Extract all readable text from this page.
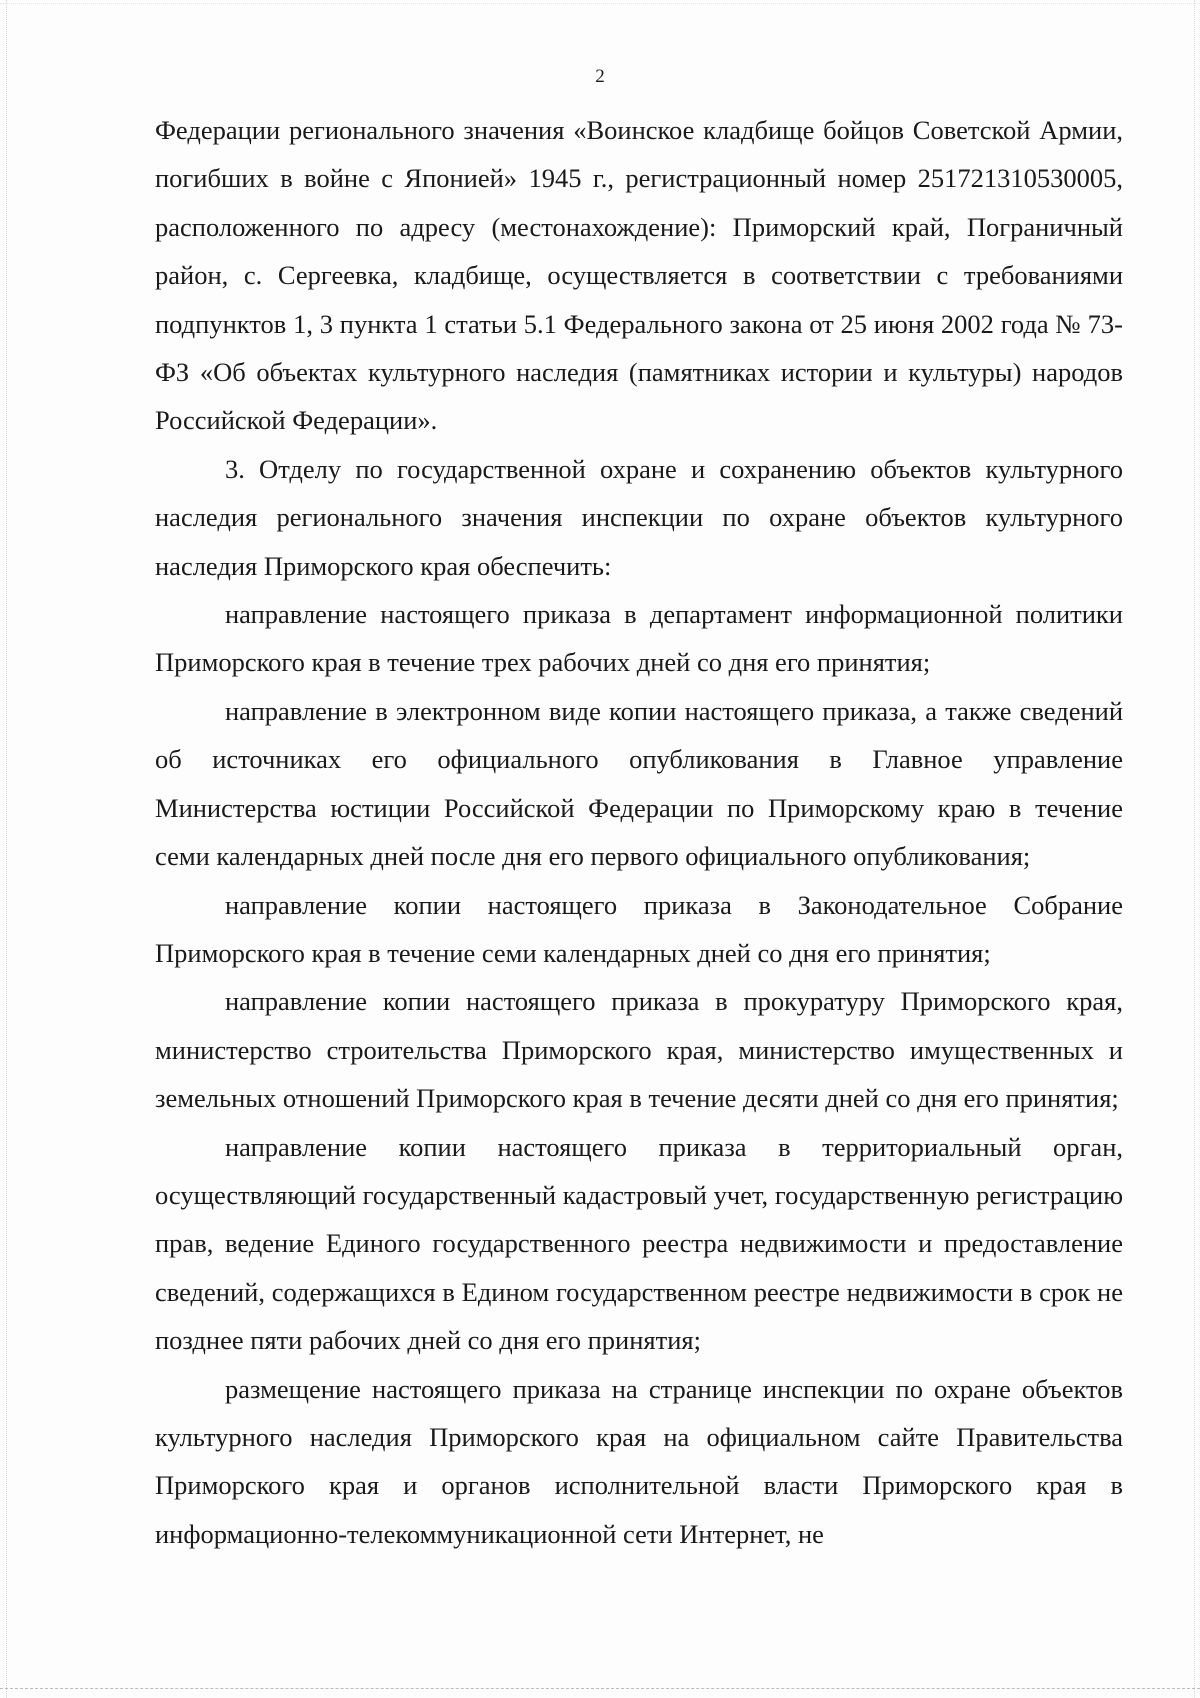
2

Федерации регионального значения «Воинское кладбище бойцов Советской Армии, погибших в войне с Японией» 1945 г., регистрационный номер 251721310530005, расположенного по адресу (местонахождение): Приморский край, Пограничный район, с. Сергеевка, кладбище, осуществляется в соответствии с требованиями подпунктов 1, 3 пункта 1 статьи 5.1 Федерального закона от 25 июня 2002 года № 73-ФЗ «Об объектах культурного наследия (памятниках истории и культуры) народов Российской Федерации».

3. Отделу по государственной охране и сохранению объектов культурного наследия регионального значения инспекции по охране объектов культурного наследия Приморского края обеспечить:

направление настоящего приказа в департамент информационной политики Приморского края в течение трех рабочих дней со дня его принятия;

направление в электронном виде копии настоящего приказа, а также сведений об источниках его официального опубликования в Главное управление Министерства юстиции Российской Федерации по Приморскому краю в течение семи календарных дней после дня его первого официального опубликования;

направление копии настоящего приказа в Законодательное Собрание Приморского края в течение семи календарных дней со дня его принятия;

направление копии настоящего приказа в прокуратуру Приморского края, министерство строительства Приморского края, министерство имущественных и земельных отношений Приморского края в течение десяти дней со дня его принятия;

направление копии настоящего приказа в территориальный орган, осуществляющий государственный кадастровый учет, государственную регистрацию прав, ведение Единого государственного реестра недвижимости и предоставление сведений, содержащихся в Едином государственном реестре недвижимости в срок не позднее пяти рабочих дней со дня его принятия;

размещение настоящего приказа на странице инспекции по охране объектов культурного наследия Приморского края на официальном сайте Правительства Приморского края и органов исполнительной власти Приморского края в информационно-телекоммуникационной сети Интернет, не
